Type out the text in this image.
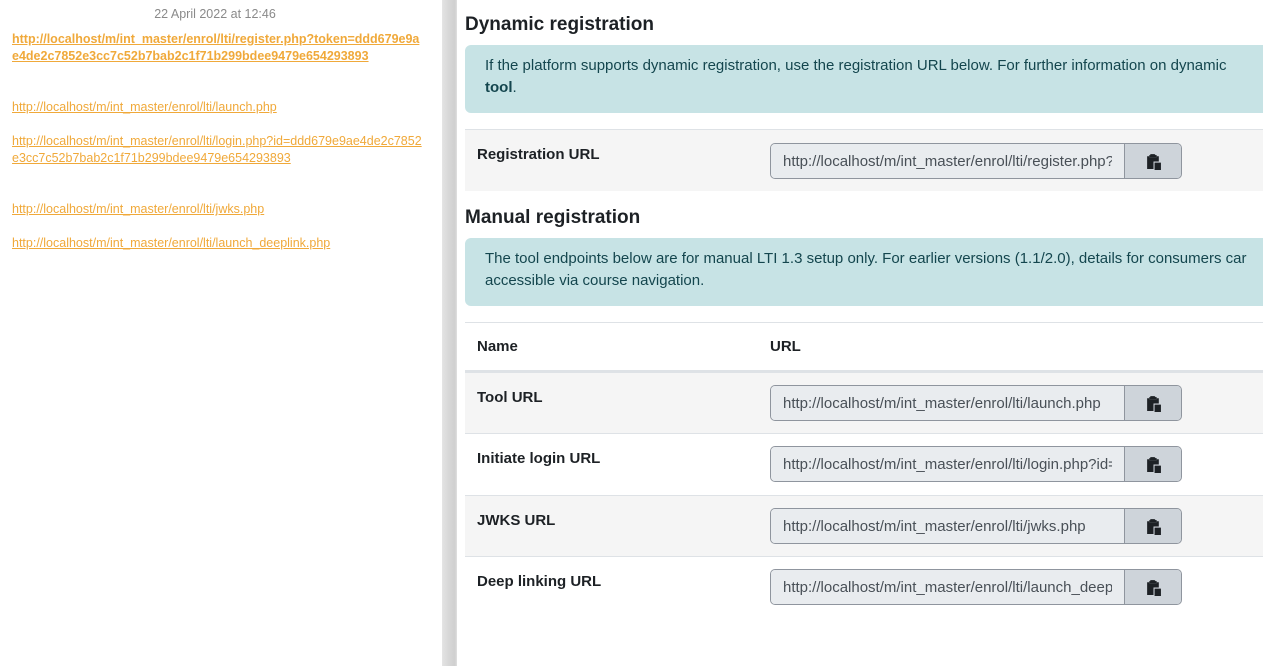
22 April 2022 at 12:46
http://localhost/m/int_master/enrol/lti/register.php?token=ddd679e9ae4de2c7852e3cc7c52b7bab2c1f71b299bdee9479e654293893
http://localhost/m/int_master/enrol/lti/launch.php
http://localhost/m/int_master/enrol/lti/login.php?id=ddd679e9ae4de2c7852e3cc7c52b7bab2c1f71b299bdee9479e654293893
http://localhost/m/int_master/enrol/lti/jwks.php
http://localhost/m/int_master/enrol/lti/launch_deeplink.php
Dynamic registration
If the platform supports dynamic registration, use the registration URL below. For further information on dynamic
tool.
Registration URL
http://localhost/m/int_master/enrol/lti/register.php?token=ddd679e9ae4de2c7852e3cc7c52b7bab2c1f71b299bdee9479e654293893
Manual registration
The tool endpoints below are for manual LTI 1.3 setup only. For earlier versions (1.1/2.0), details for consumers car
accessible via course navigation.
Name	URL
Tool URL
http://localhost/m/int_master/enrol/lti/launch.php
Initiate login URL
http://localhost/m/int_master/enrol/lti/login.php?id=ddd679e9ae4de2c7852e3cc7c52b7bab2c1f71b299bdee9479e654293893
JWKS URL
http://localhost/m/int_master/enrol/lti/jwks.php
Deep linking URL
http://localhost/m/int_master/enrol/lti/launch_deeplink.php
